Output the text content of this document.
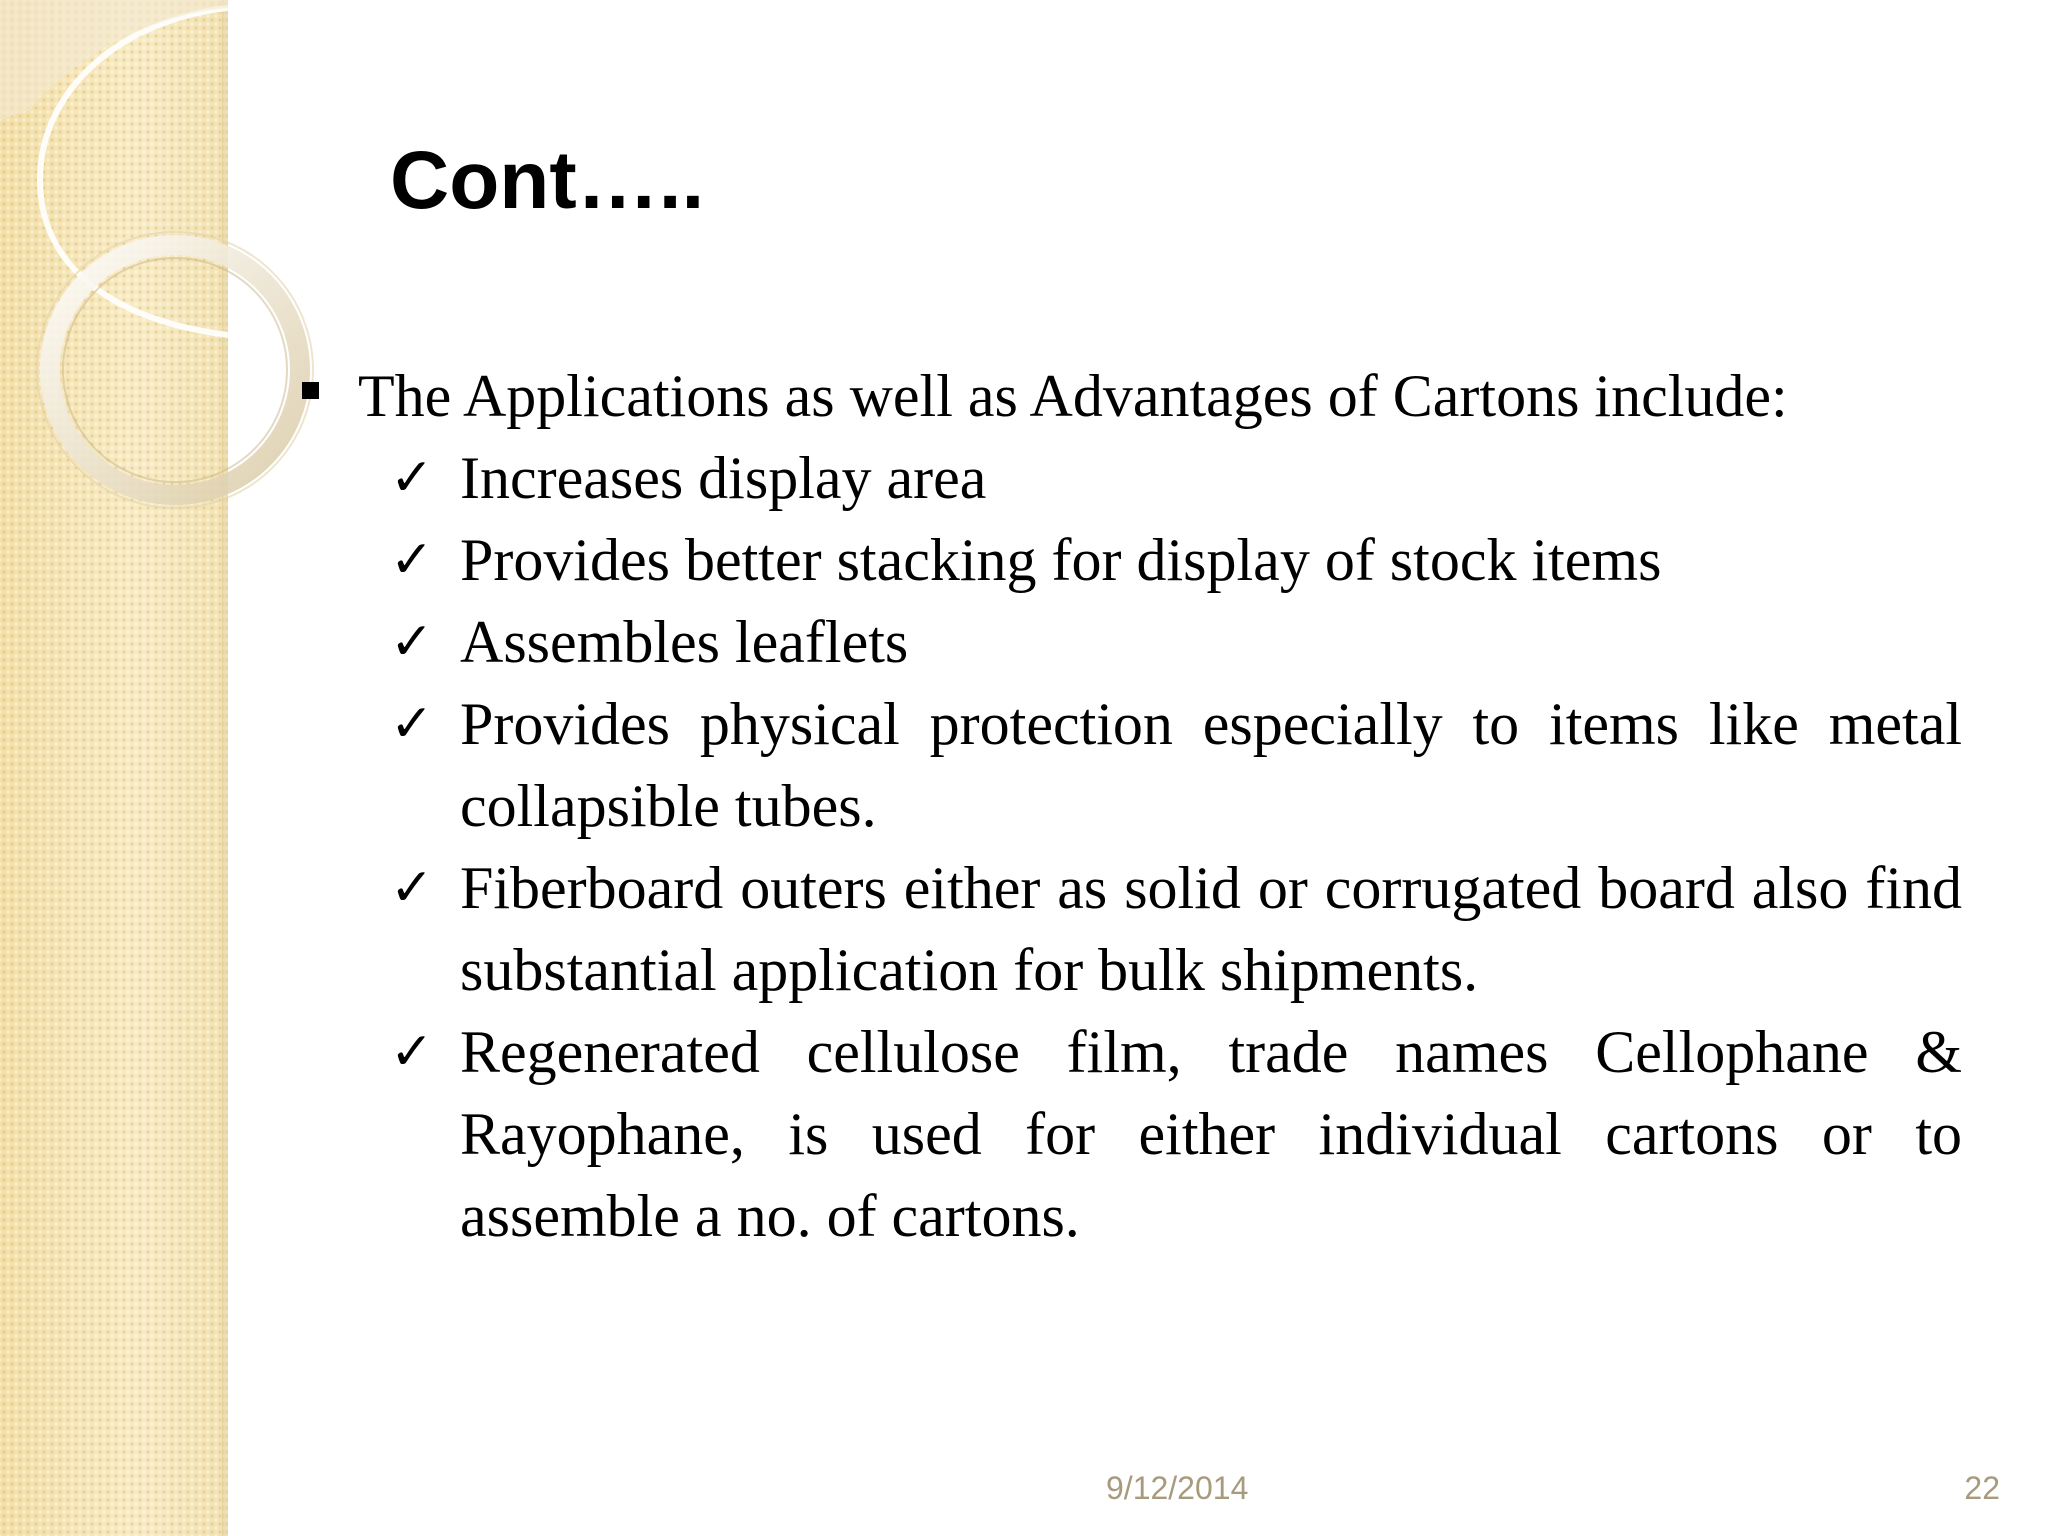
Cont…..

The Applications as well as Advantages of Cartons include:

✓ Increases display area
✓ Provides better stacking for display of stock items
✓ Assembles leaflets
✓ Provides physical protection especially to items like metal collapsible tubes.
✓ Fiberboard outers either as solid or corrugated board also find substantial application for bulk shipments.
✓ Regenerated cellulose film, trade names Cellophane & Rayophane, is used for either individual cartons or to assemble a no. of cartons.
9/12/2014	22
